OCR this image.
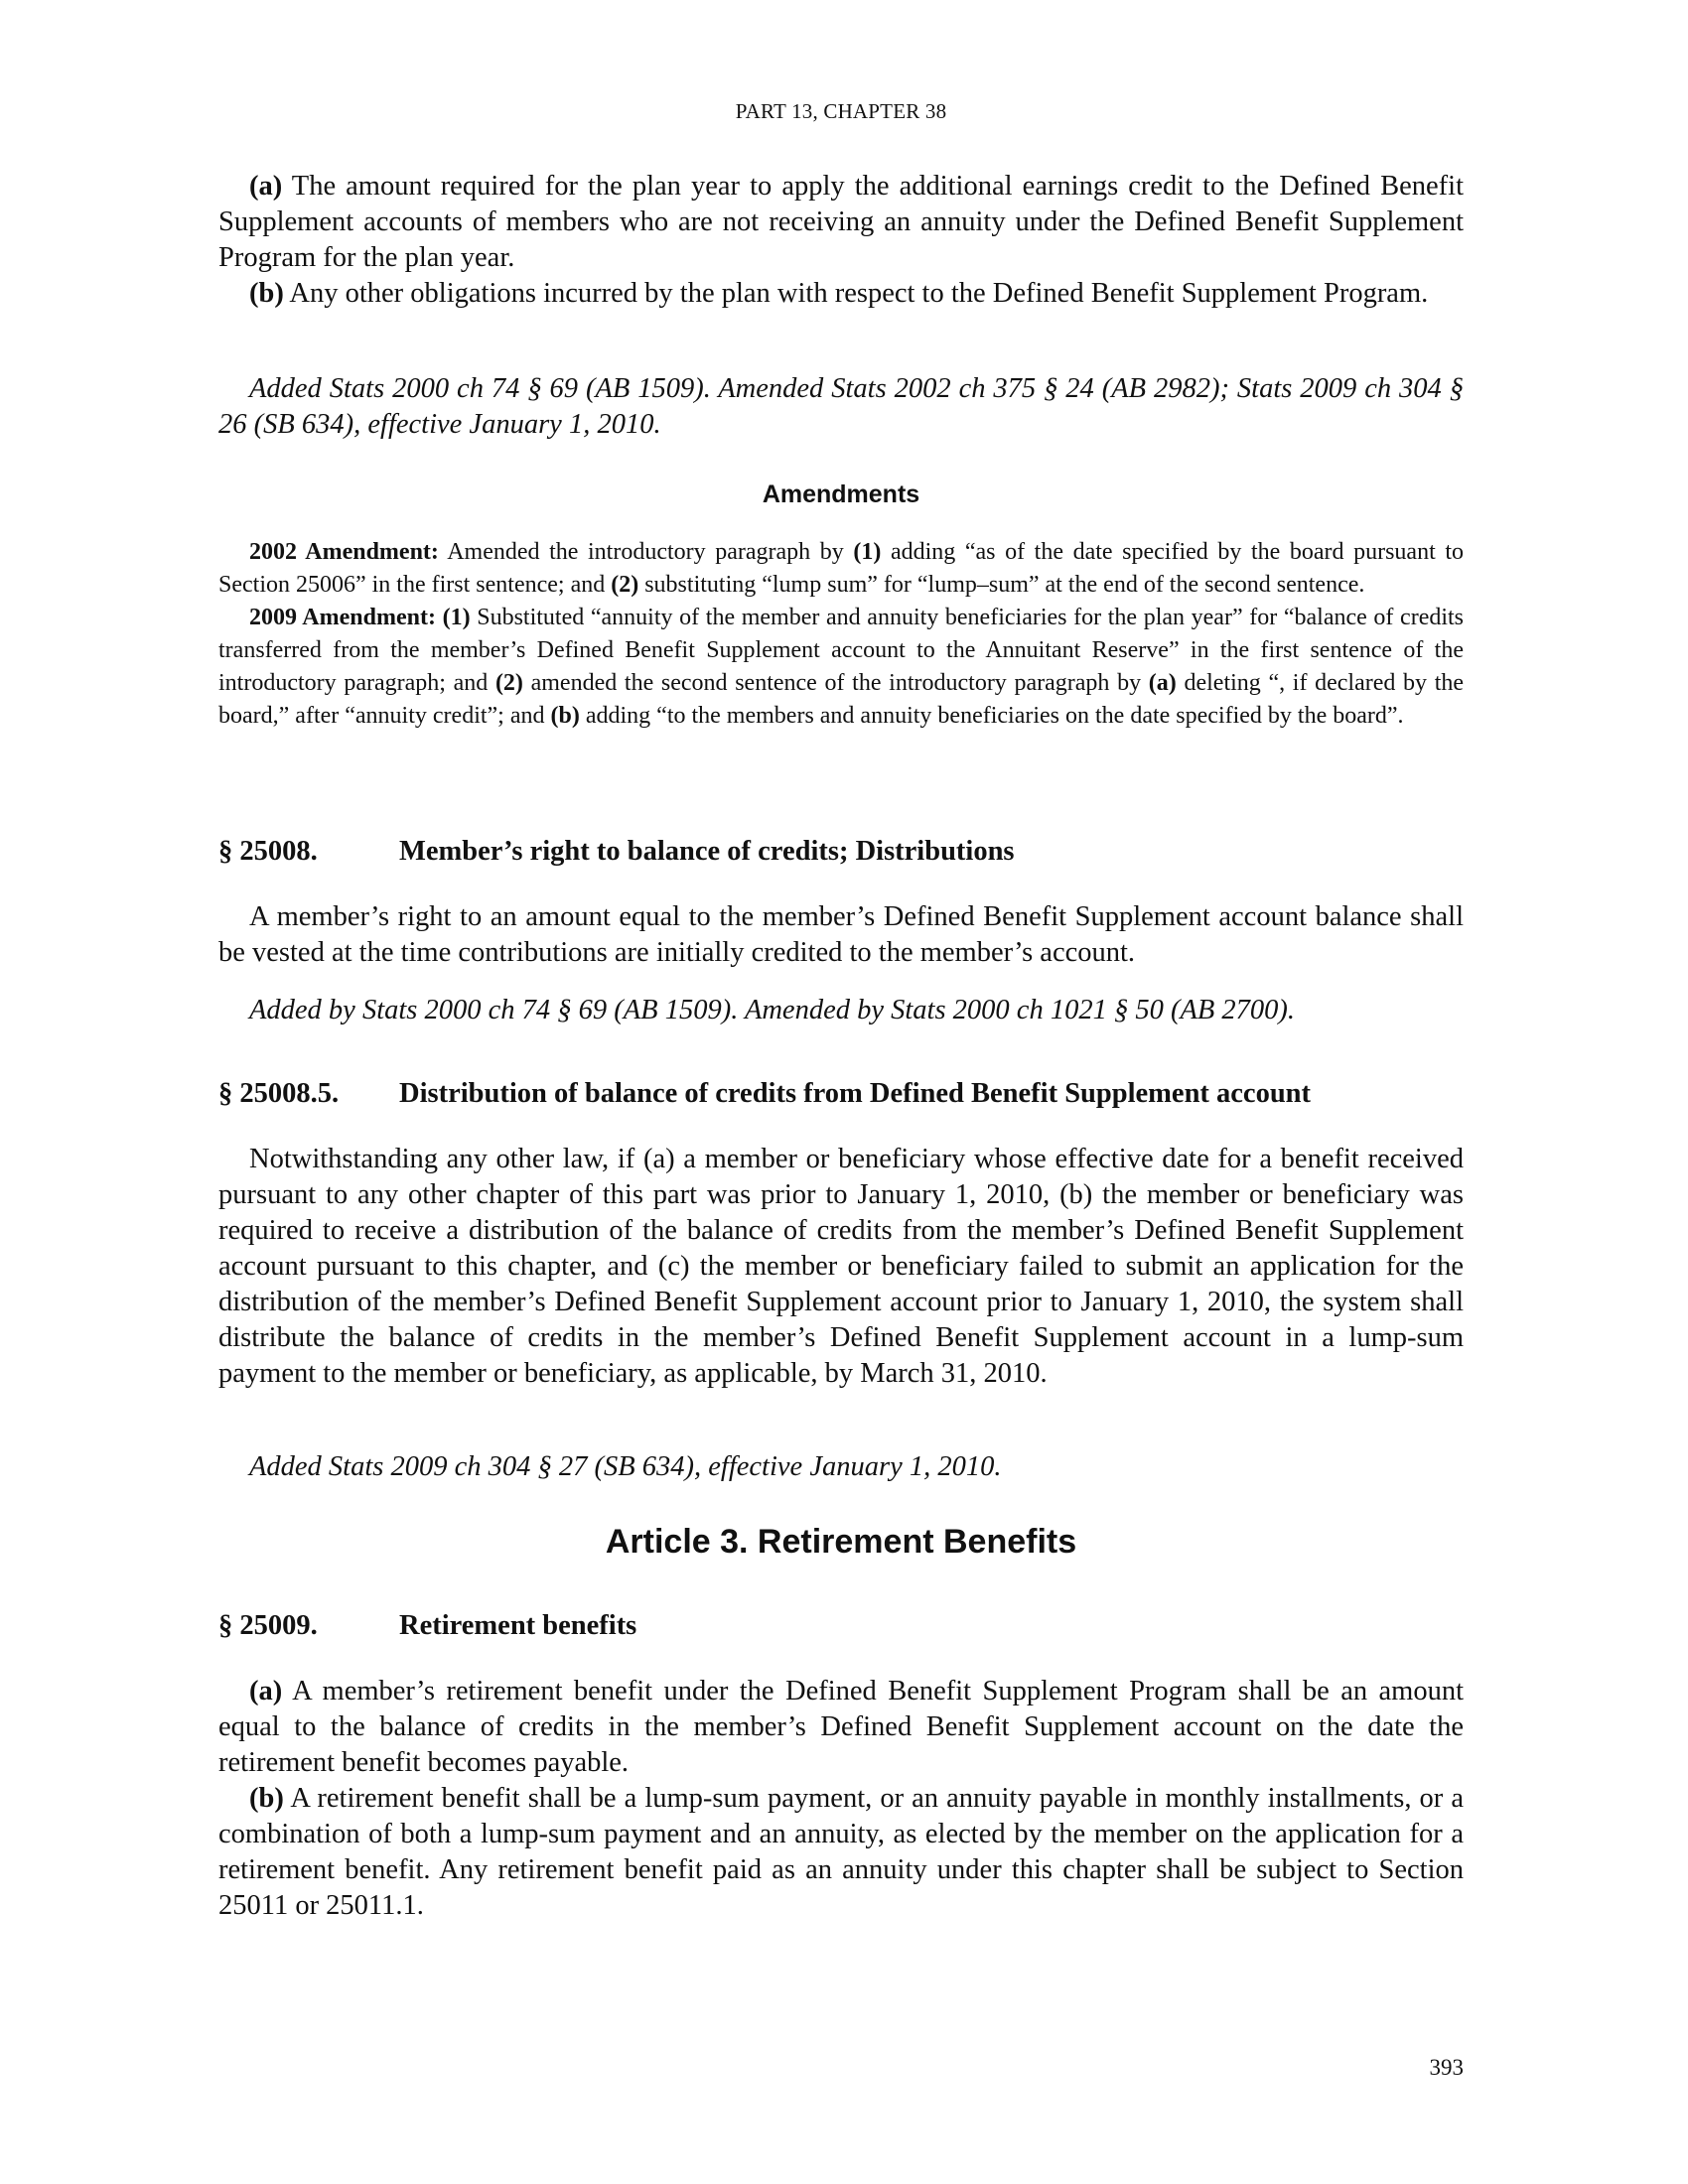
PART 13, CHAPTER 38

(a) The amount required for the plan year to apply the additional earnings credit to the Defined Benefit Supplement accounts of members who are not receiving an annuity under the Defined Benefit Supplement Program for the plan year.

(b) Any other obligations incurred by the plan with respect to the Defined Benefit Supplement Program.

Added Stats 2000 ch 74 § 69 (AB 1509). Amended Stats 2002 ch 375 § 24 (AB 2982); Stats 2009 ch 304 § 26 (SB 634), effective January 1, 2010.

Amendments

2002 Amendment: Amended the introductory paragraph by (1) adding “as of the date specified by the board pursuant to Section 25006” in the first sentence; and (2) substituting “lump sum” for “lump–sum” at the end of the second sentence.

2009 Amendment: (1) Substituted “annuity of the member and annuity beneficiaries for the plan year” for “balance of credits transferred from the member’s Defined Benefit Supplement account to the Annuitant Reserve” in the first sentence of the introductory paragraph; and (2) amended the second sentence of the introductory paragraph by (a) deleting “, if declared by the board,” after “annuity credit”; and (b) adding “to the members and annuity beneficiaries on the date specified by the board”.

§ 25008.	Member’s right to balance of credits; Distributions

A member’s right to an amount equal to the member’s Defined Benefit Supplement account balance shall be vested at the time contributions are initially credited to the member’s account.

Added by Stats 2000 ch 74 § 69 (AB 1509). Amended by Stats 2000 ch 1021 § 50 (AB 2700).

§ 25008.5.	Distribution of balance of credits from Defined Benefit Supplement account

Notwithstanding any other law, if (a) a member or beneficiary whose effective date for a benefit received pursuant to any other chapter of this part was prior to January 1, 2010, (b) the member or beneficiary was required to receive a distribution of the balance of credits from the member’s Defined Benefit Supplement account pursuant to this chapter, and (c) the member or beneficiary failed to submit an application for the distribution of the member’s Defined Benefit Supplement account prior to January 1, 2010, the system shall distribute the balance of credits in the member’s Defined Benefit Supplement account in a lump-sum payment to the member or beneficiary, as applicable, by March 31, 2010.

Added Stats 2009 ch 304 § 27 (SB 634), effective January 1, 2010.

Article 3. Retirement Benefits
§ 25009.	Retirement benefits

(a) A member’s retirement benefit under the Defined Benefit Supplement Program shall be an amount equal to the balance of credits in the member’s Defined Benefit Supplement account on the date the retirement benefit becomes payable.

(b) A retirement benefit shall be a lump-sum payment, or an annuity payable in monthly installments, or a combination of both a lump-sum payment and an annuity, as elected by the member on the application for a retirement benefit. Any retirement benefit paid as an annuity under this chapter shall be subject to Section 25011 or 25011.1.

393
